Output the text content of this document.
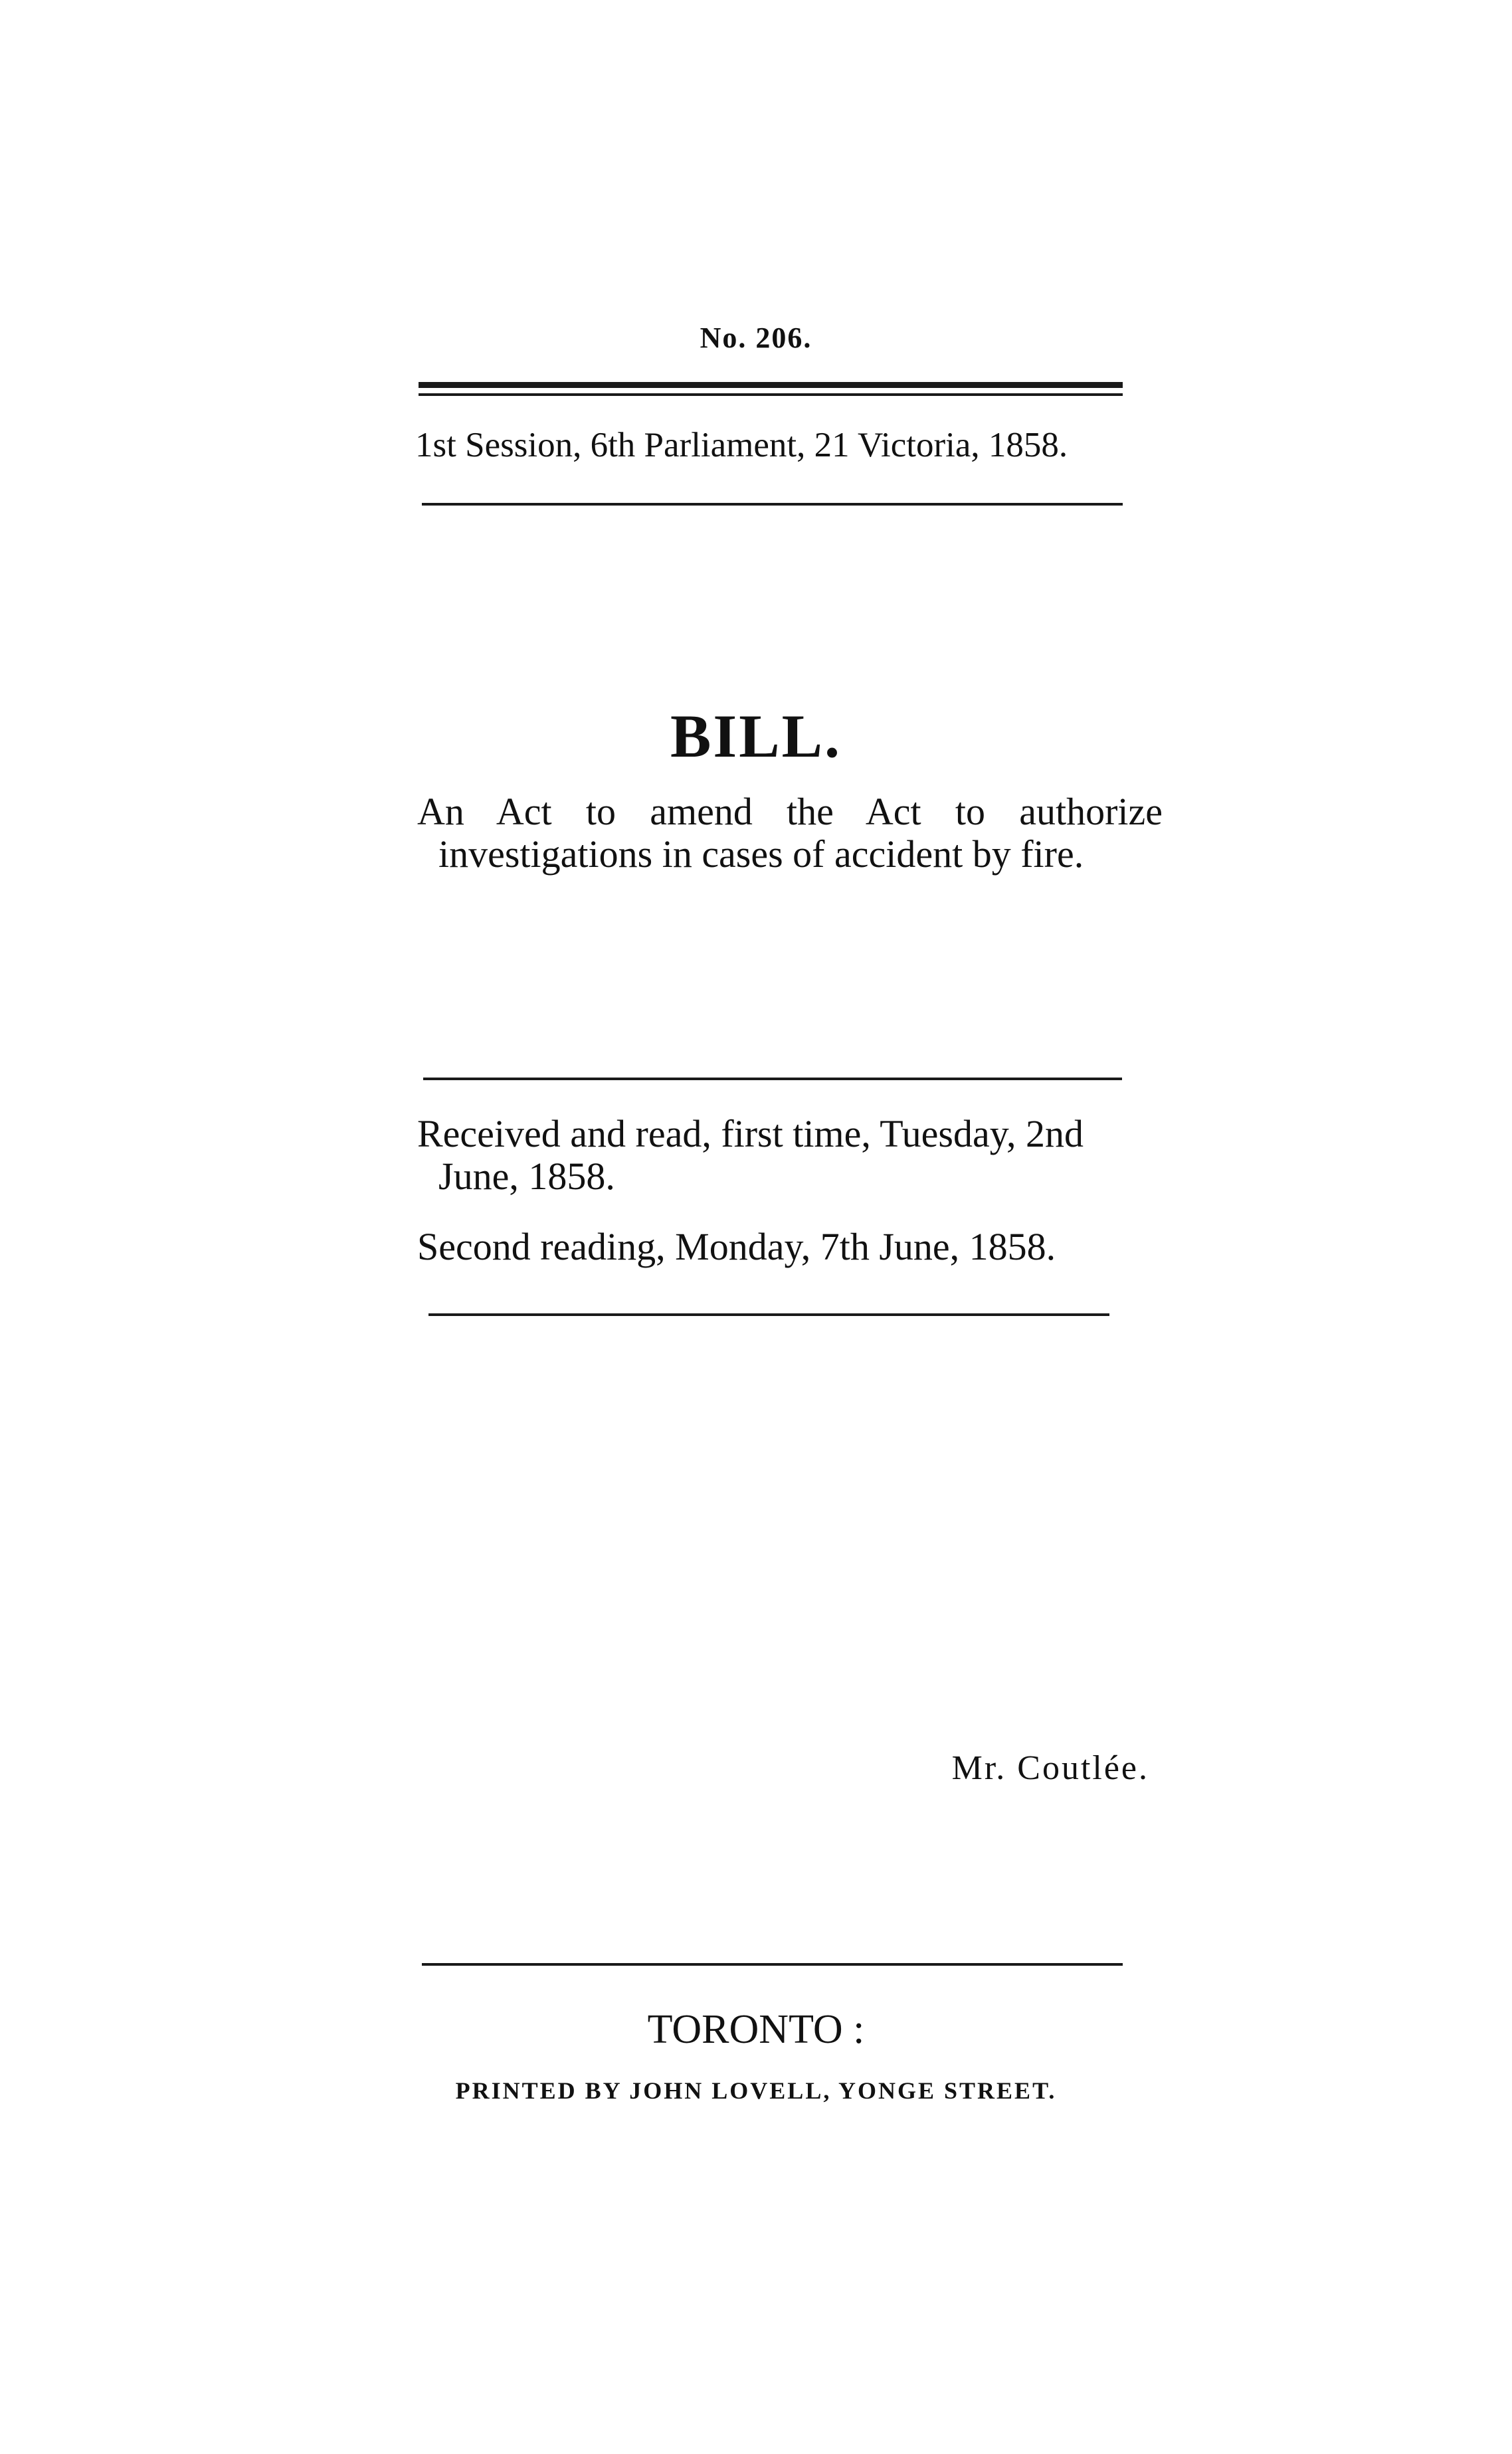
No. 206.
1st Session, 6th Parliament, 21 Victoria, 1858.
BILL.
An Act to amend the Act to authorize investigations in cases of accident by fire.
Received and read, first time, Tuesday, 2nd June, 1858.
Second reading, Monday, 7th June, 1858.
Mr. Coutlée.
TORONTO :
PRINTED BY JOHN LOVELL, YONGE STREET.
